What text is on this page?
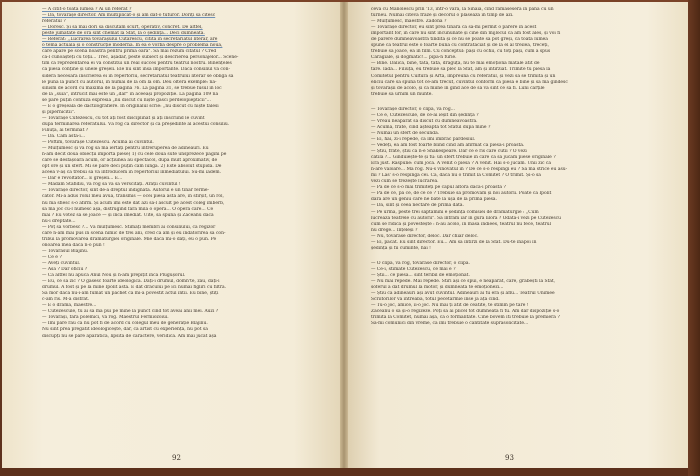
— A citit-o toată lumea ? Ai un referat ?
— Da, tovarășe director. Am multiplicat-o și am dat-o tuturor. Doriți să citesc
referatul ?
— Doresc. Și să mai dori să discutăm scurt, operativ, concret. De altfel,
peste jumătate de oră sînt chemat la Sfat, la o ședință... Deci dumneată.
— Referat: ,,Lucrarea tovarășului Cutarescu, citită în secretariatul literar, are
o temă actuală și o construcție modernă. În ea e vorba despre o problemă nouă,
care apare pe scena noastră pentru prima oară". Să mai rezum citatul ? Cred
că-l cunoașteți cu toții... Trec, așadar, peste subiect și descrierea personajelor... Scene-
tim că reprezentarea ei va constitui un real succes pentru teatrul nostru. Binențeles
că piesa conține și unele greșeli. Ele nu sînt însă importante. Dacă consiliul va con-
sidera necesară înscrierea ei în repertoriu, secretariatul teatrului literar se obligă să
le pună la punct cu autorul, în numai de la om la om. Deu oltera exemple: na-
sinism de acord cu maxima de la pagina 76. La pagina 31, se trebue fusul în loc
de la „suiă", întrucît mai este un „dar" în aceeași propoziție. La pagina 109 nă
se pare puțin confuză expresia „nu discut cu niște găsci perdelopiepticii"...
— E o greșeală de dactilografiere. În originalul scrie: „nu discut cu niște falesi
și pipernicitii".
— Tovarășe Cutezescu, cu tot ați fost disciplinat și ați înscriind le cuvînt
după terminarea referatului. Vă rog ca director și ca președinte al acestui consiliu.
Filiuță, ai terminat ?
— Da. Cam asta-i...
— Poftim, tovarășe Cutezescu. Acuma ai cuvîntul.
— Mulțumesc și vă rog să mă iertați pentru întreruperea de adineauri. Eu
n-am decît două obiecții importa piese) 1) cu cele două sute unsprezece pagini pe
care se desfășoară acum, or acțiunea au spectacol, după mult aproximativ, de
opt ore și un sfert. Mi se pare deci puțin cam lungă. 2) Este absolut stupidă. De
aceea v-aș ca trebui să vă introducem în repertoriul inmediatului. Su-mi iădem.
— Dar e revoltător... E greșeli... E...
— Madam Stafidiu, vă rog să vă să verscitați. Arații cuvîntul !
— Tovarășe director, sînt de-a dreptul indignată. Autorul e un tînăr ferme-
cător. Mi-a adus rolul meu avuă, transmis — ocei piesa asta are, în sfîrșit, un rol,
nu mă sfiesc s-o afirm. Și acum îmi este dat azi să-l ascult pe acest coleg imberb,
să mă joc cu-l numesc așa, distrugînd fără milă o operă... O operă care... Ce
mai ? Eu votez să se joace — și încă imediat. Uite, să spună și Zăceanu dacă
nu-i dreptate...
— Poț să vorbesc ?... Vă mulțumesc. Stimați membri ai consiliului, ca regizor
care n-am mai pus în scenă nimic de trei ani, cred că am și eu îndatorirea să con-
tribui la promovarea dramaturgiei originale. Mie dacă mi-o dați, eu o pun. Pe
onoarea mea dacă n-o pun !
— Tovarăsul Blajinu.
— Ce e ?
— Aveți cuvîntul.
— Asa ? Dar oficiu ?
— Că altfel nu apucă Anul Nou și n-am prepițit încă Plugușorul.
— Eu, ce să zic ? O găsesc foarte ideologică. Dați-i drumul, domn'te, zău, dați-i
drumul. A fost și pe la mine Ipolit ăsta. E dat drăcului pe ici numai figliri cu filtra.
Să mor dacă nu-i-am fumat un pachet că mi-a povestit actul întîi. Eu bine, știți
c-am rîs. M-a distrat.
— E o dramă, maestre...
— Cutezescule, tu ai să mă pui pe mine la punct cînd tot aveai anii mei. Auzi ?
— Tovarăși, fără polemici, vă rog. Maestrul Fermiozoiui.
— Îmi pare rău că nu pot fi de acord cu colegul meu de generație Blajinu.
Nu sînt prea pregătit ideologicește, dar, ca artist cu experiență, nu pot să
discupți nu se pare aparatică, lipsită de caractere, veridică. Am mai jucat așa
92
ceva cu Manolescu prin '13, într-o vară, la Sinaia, cînd rămăseseră în pană cu un
turneu. Numai citeva fraze și decorul o plasează în timp de azi.
— Mulțumesc, maestre. Zadona ?
— Tovarășe director, eu sînt prea tînără ca să-mi permit o părere în acest
important for, în care nu sînt încununate și cine din mijlocul ca am fost ales, și voi fi
de părere dumneavoastră tîndită și ce nu se poate să pot greși, că toată lumea
spune că teatrul este o foarte bună cu contrataciat și de la el al treilea, treceți,
trebuie să joace, ea în film. Cu conceptul: pași cu ochii, cu toți pași, cum a spus
Caragiale, și dogmatic!... pipă-n furie.
— Bine. Dalică, bine, tată, tată, drăguță, nu te mai emoționa matale atît de
tare. Iadă... Filiuță, eu trebuie să plec la Sfat, am și întîrziat. Trimite tu piesa la
Comitetul pentru Cultură și Artă, împreună cu referatul, și vezi să se trimită și un
eliciu care să spună tot ce-am trecut, cuvîntul conform că piesa e bine și să mă gîndesc
și tovarășii de acolo, și că mîine în gînd ace de să vă sînt ce sa fi. Luni cărțile
trebuie să urnim un munte.
— Tovarășe director, o clipă, vă rog...
— Ce e, Cutezescule, de ce-ai ieșit din ședință ?
— Vreau neapărat să discut cu dumneavoastră.
— Acuma, frate, cînd așteaptă tot Sfatul după mine ?
— Numai un sfert de secundă.
— Ei, hai, zi-i repede, că îmi îmbrac pardesiul.
— Vedeți, ea am fost foarte blînd cînd am afirmat că piesa-i proastă.
— Știu, frate, știu că n-e Shakespeare. Dar ce e rîs care cutii ? O vezi
catilă ?... Ginduiește-te și tu: un sfert trebuie în care ca să jucăm piese originale ?
Era just. Răspune: cum joca. A venit o piesă ? A venit. Hai s-o jucăm. Unii zic că
n-are valoare... Mă rog. Nu-s vinovatul în ? De ce s-o respingi eu ? Să mă strice eu asu-
mi ? Las' s-o respingă cei. Că, dacă nu o trimit la Comitet ? O trimit. Și-o să
vezi cum se trezește lucrarea.
— Pă de ce s-o mai trimiteți pe capul altora dacă-i proastă ?
— Pă de ce, pă ce, de ce ce ? Trebuie să promovăm și noi autorii. Poate că Ipolit
dară are un geniu care ne bate la ușa de la prima piesă.
— Da, sînt și ceea nectare de prima data.
— Pe urmă, peste trei săptămîni e ședința comisiei de dramaturgie : „Cum
lucrează teatrele cu autorii". Să intrăm iar în gura lilora ? Odată-i vezi pe Cutezescu
cum se ridică și povestește : n-au acolo, în masa îndiees, teatrul nu fece, teatrul
nu drege... Înțeleși ?
— Nu, tovarăse director, deloc. Dar chiar deloc.
— Ei, păcat. Eu sînt director. Eu... Am să întîrzi de la Sfat. Du-te înapoi în
ședință și fii cuminte, hai !
— O clipă, vă rog, tovarăse director, o clipă.
— Ce-i, stimate Cutezescu, ce mai e ?
— Știi... ce piesa... sînt teribil de emoționat.
— Nu mai repede. Mai repede. Stiri ași ce spui, e neapărat, care, grăbești la Sfat,
soferul a dat drumul la motor, și dumneata te emoționezi...
— Știu că adineauri ași avut cuvîntul. Adineauri ai tu era și aflu... Teatrul Unimee
Scriitorilor vă întreabă, totul pecetărmie înse jă ață cînd.
— Tu-o joc, amice, îi-o joc. Nu mai ți atît de ceatite, te stimm pe tare !
Zăceanu o să și-o regizeze. Poți să ai plicel tot dumneata fi tu. Am dar dispoziție s-o
trimită la Comitet, numai așa, ca o formalitate. Cine bovem iti trebuie la premieră ?
Să-mi comunici din vreme, că îmi trebuie o cantitate suprasolicitate...
93
